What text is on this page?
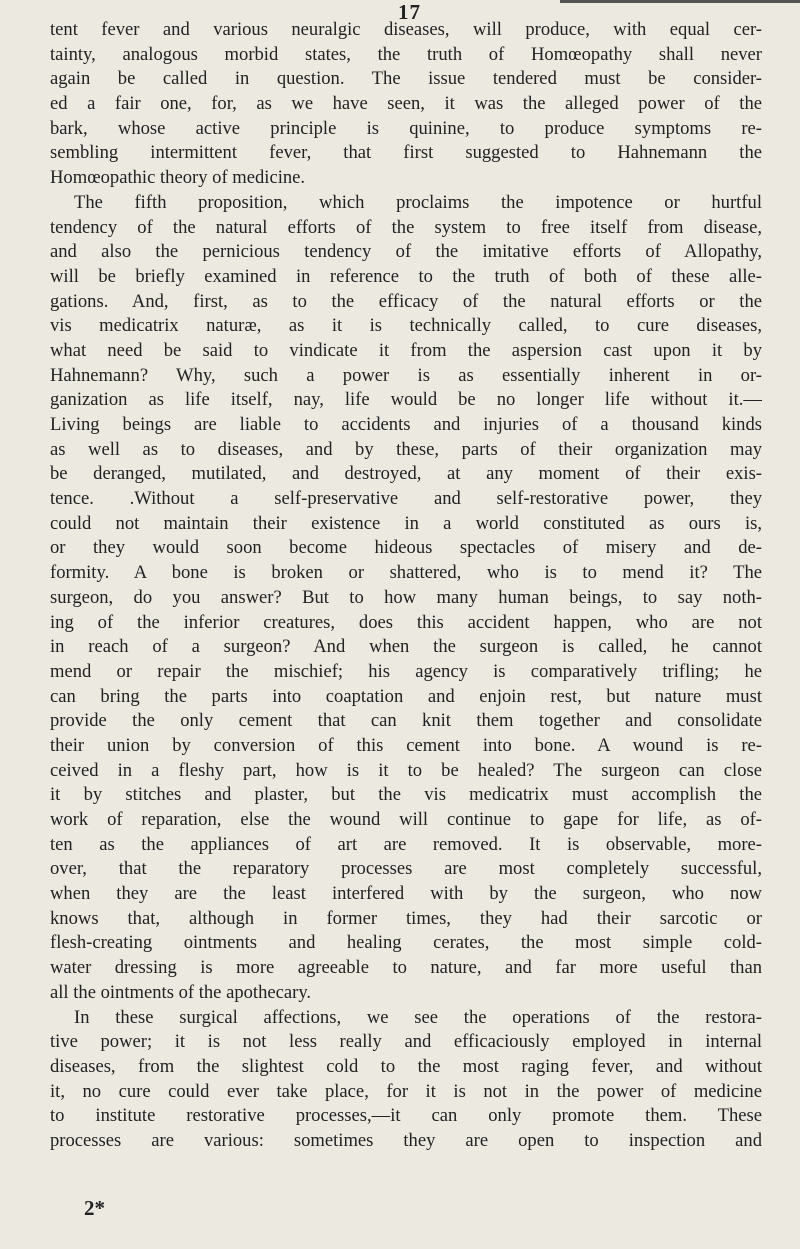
17
tent fever and various neuralgic diseases, will produce, with equal cer-
tainty, analogous morbid states, the truth of Homœopathy shall never
again be called in question. The issue tendered must be consider-
ed a fair one, for, as we have seen, it was the alleged power of the
bark, whose active principle is quinine, to produce symptoms re-
sembling intermittent fever, that first suggested to Hahnemann the
Homœopathic theory of medicine.
The fifth proposition, which proclaims the impotence or hurtful
tendency of the natural efforts of the system to free itself from disease,
and also the pernicious tendency of the imitative efforts of Allopathy,
will be briefly examined in reference to the truth of both of these alle-
gations. And, first, as to the efficacy of the natural efforts or the
vis medicatrix naturæ, as it is technically called, to cure diseases,
what need be said to vindicate it from the aspersion cast upon it by
Hahnemann? Why, such a power is as essentially inherent in or-
ganization as life itself, nay, life would be no longer life without it.—
Living beings are liable to accidents and injuries of a thousand kinds
as well as to diseases, and by these, parts of their organization may
be deranged, mutilated, and destroyed, at any moment of their exis-
tence. .Without a self-preservative and self-restorative power, they
could not maintain their existence in a world constituted as ours is,
or they would soon become hideous spectacles of misery and de-
formity. A bone is broken or shattered, who is to mend it? The
surgeon, do you answer? But to how many human beings, to say noth-
ing of the inferior creatures, does this accident happen, who are not
in reach of a surgeon? And when the surgeon is called, he cannot
mend or repair the mischief; his agency is comparatively trifling; he
can bring the parts into coaptation and enjoin rest, but nature must
provide the only cement that can knit them together and consolidate
their union by conversion of this cement into bone. A wound is re-
ceived in a fleshy part, how is it to be healed? The surgeon can close
it by stitches and plaster, but the vis medicatrix must accomplish the
work of reparation, else the wound will continue to gape for life, as of-
ten as the appliances of art are removed. It is observable, more-
over, that the reparatory processes are most completely successful,
when they are the least interfered with by the surgeon, who now
knows that, although in former times, they had their sarcotic or
flesh-creating ointments and healing cerates, the most simple cold-
water dressing is more agreeable to nature, and far more useful than
all the ointments of the apothecary.
In these surgical affections, we see the operations of the restora-
tive power; it is not less really and efficaciously employed in internal
diseases, from the slightest cold to the most raging fever, and without
it, no cure could ever take place, for it is not in the power of medicine
to institute restorative processes,—it can only promote them. These
processes are various: sometimes they are open to inspection and
2*
